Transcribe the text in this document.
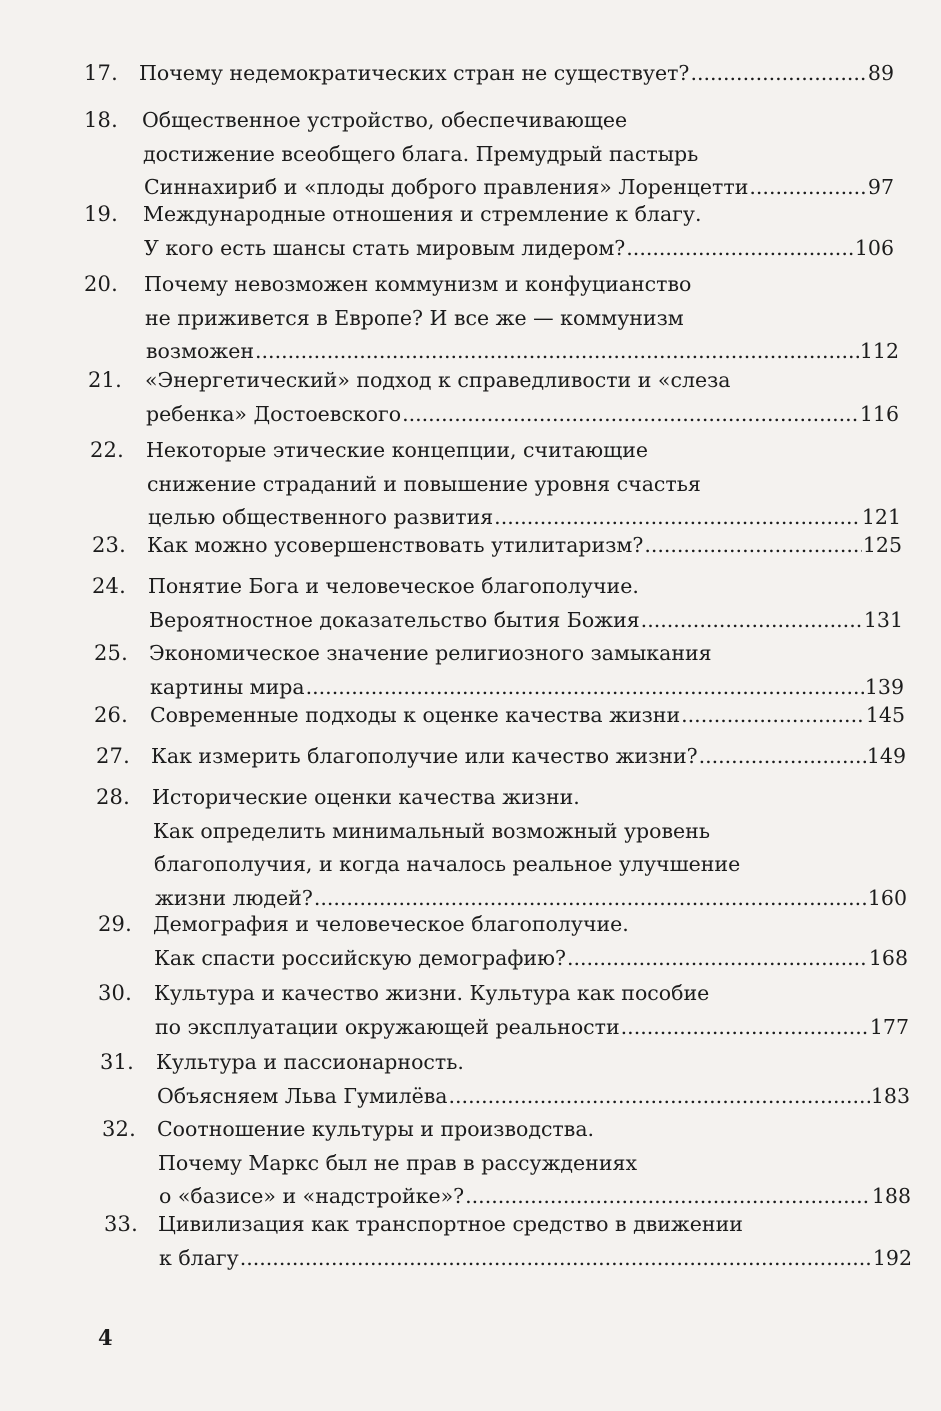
17. Почему недемократических стран не существует? .....	89
18. Общественное устройство, обеспечивающее
достижение всеобщего блага. Премудрый пастырь
Синнахириб и «плоды доброго правления» Лоренцетти .....	97
19. Международные отношения и стремление к благу.
У кого есть шансы стать мировым лидером? .....	106
20. Почему невозможен коммунизм и конфуцианство
не приживется в Европе? И все же — коммунизм
возможен .....	112
21. «Энергетический» подход к справедливости и «слеза
ребенка» Достоевского .....	116
22. Некоторые этические концепции, считающие
снижение страданий и повышение уровня счастья
целью общественного развития .....	121
23. Как можно усовершенствовать утилитаризм? .....	125
24. Понятие Бога и человеческое благополучие.
Вероятностное доказательство бытия Божия .....	131
25. Экономическое значение религиозного замыкания
картины мира .....	139
26. Современные подходы к оценке качества жизни .....	145
27. Как измерить благополучие или качество жизни? .....	149
28. Исторические оценки качества жизни.
Как определить минимальный возможный уровень
благополучия, и когда началось реальное улучшение
жизни людей? .....	160
29. Демография и человеческое благополучие.
Как спасти российскую демографию? .....	168
30. Культура и качество жизни. Культура как пособие
по эксплуатации окружающей реальности .....	177
31. Культура и пассионарность.
Объясняем Льва Гумилёва .....	183
32. Соотношение культуры и производства.
Почему Маркс был не прав в рассуждениях
о «базисе» и «надстройке»? .....	188
33. Цивилизация как транспортное средство в движении
к благу .....	192
4
